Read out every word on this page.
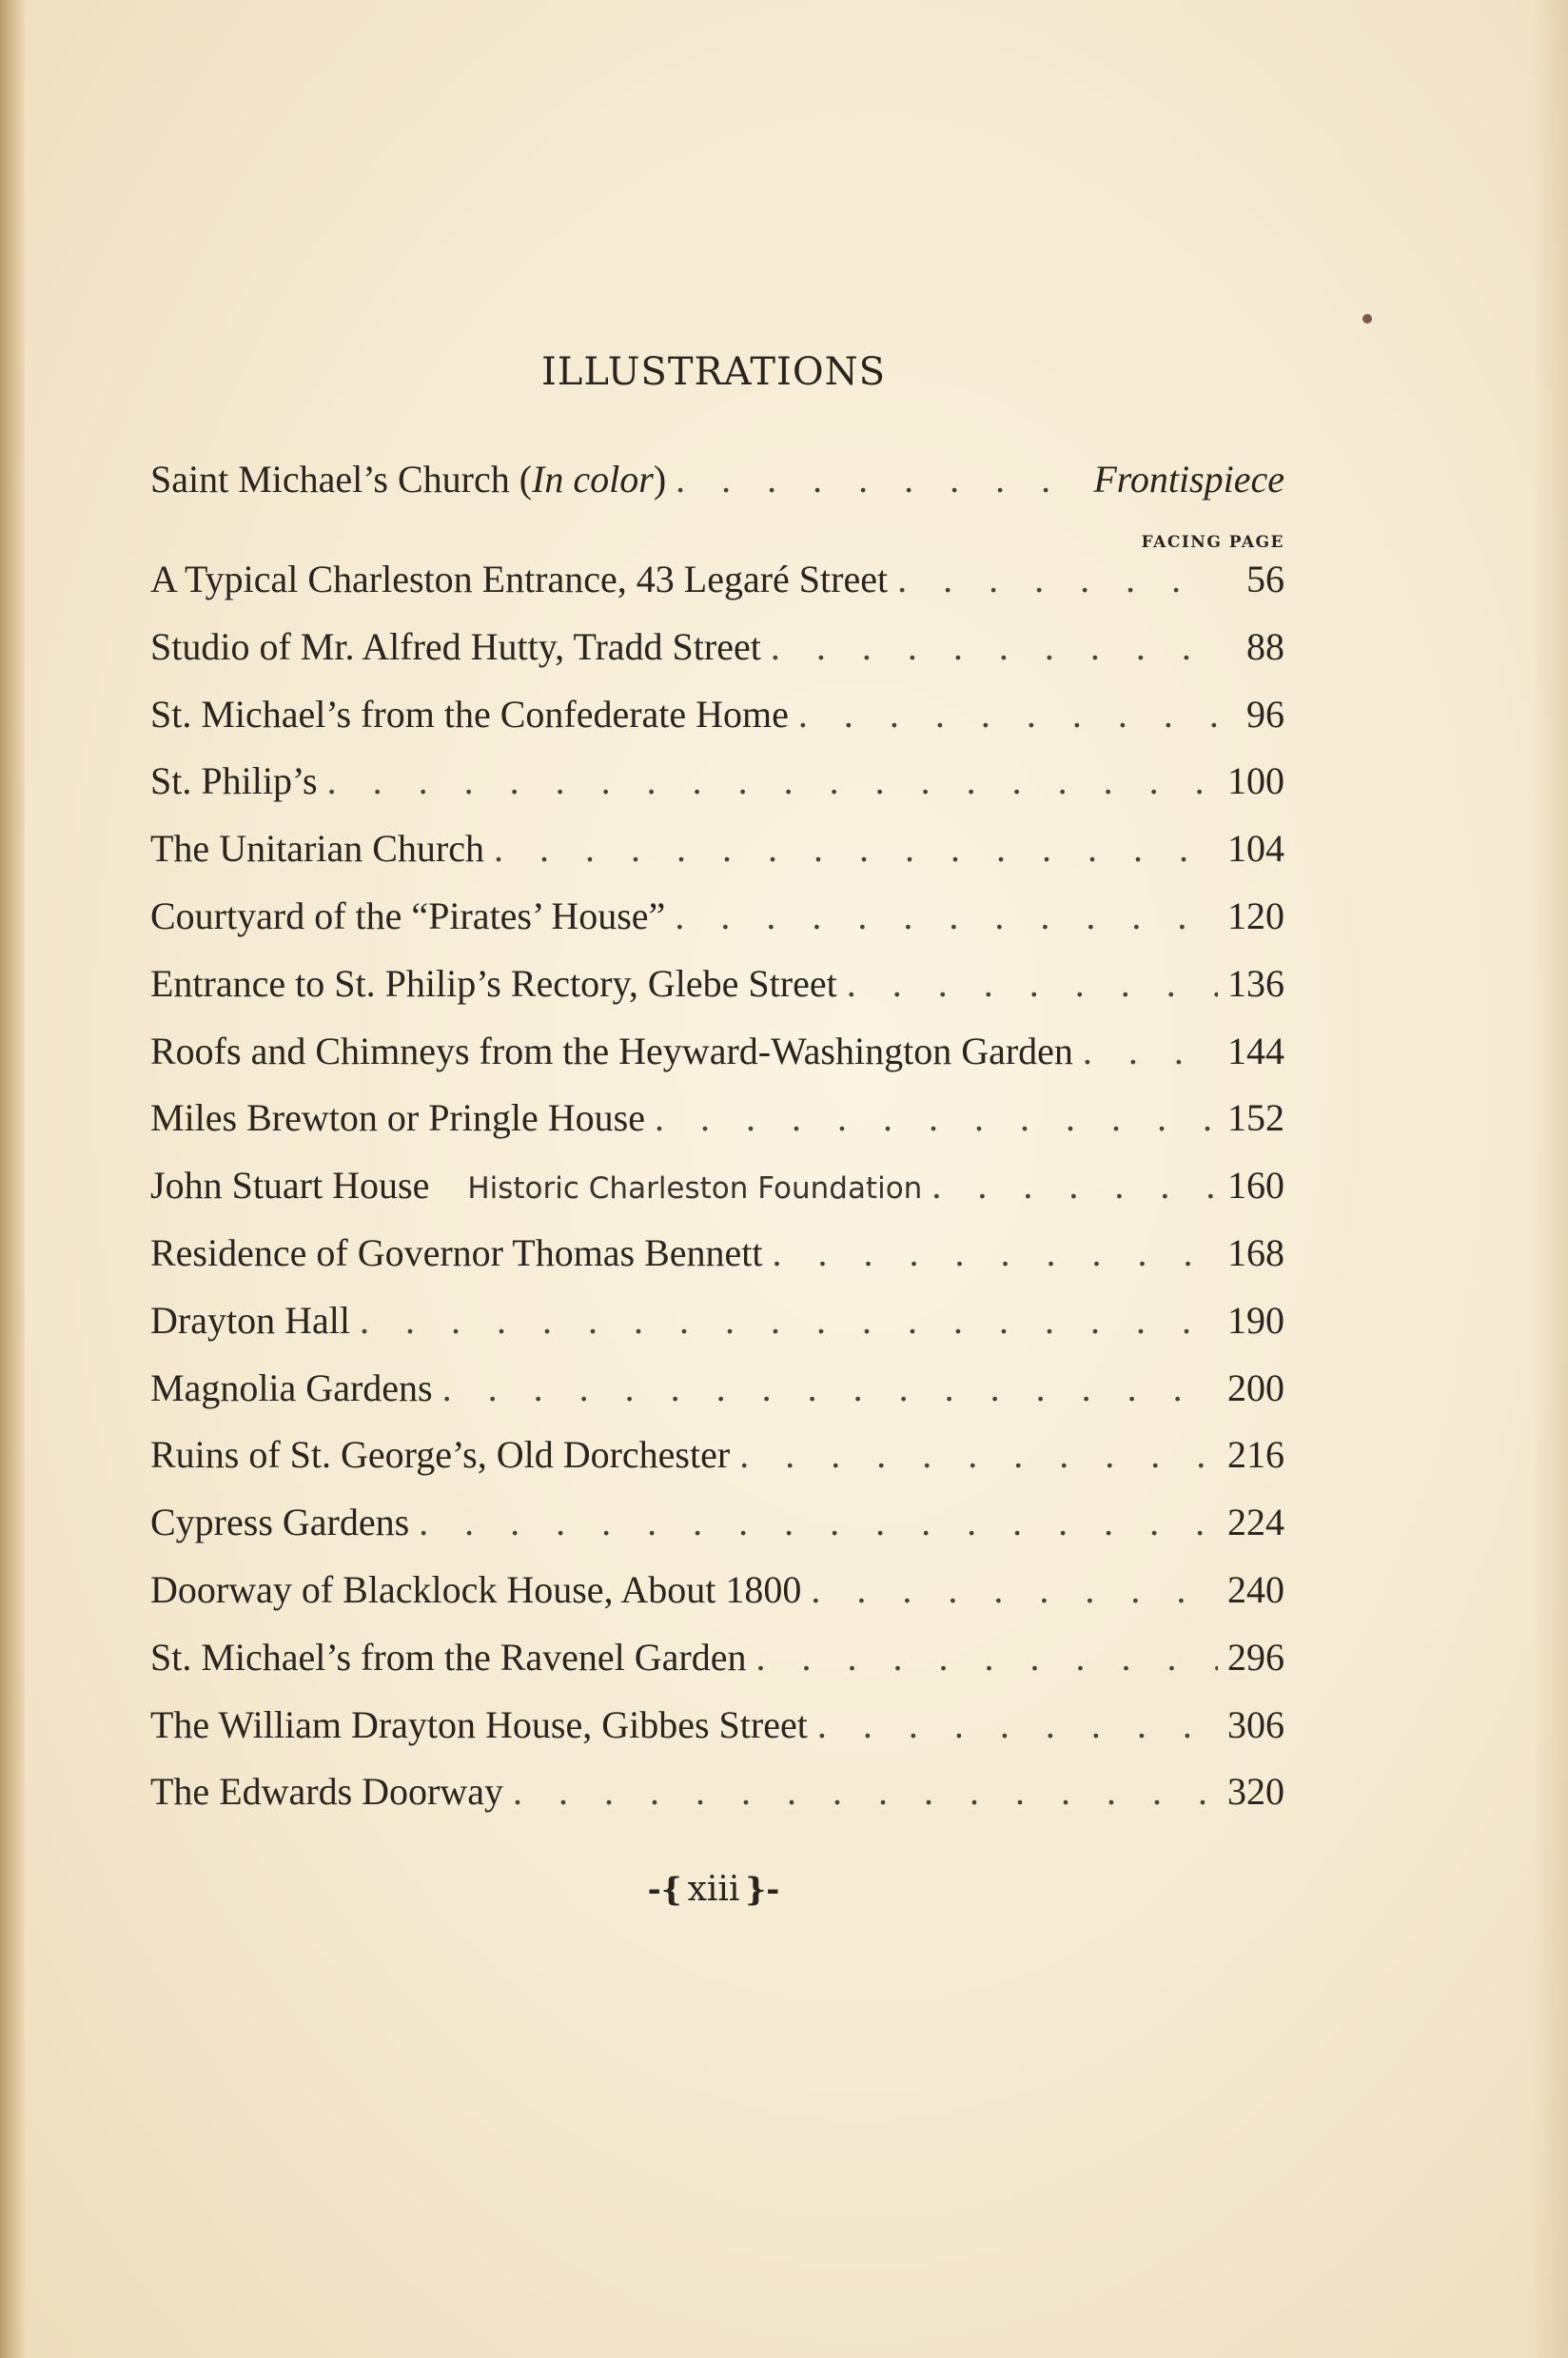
ILLUSTRATIONS
Saint Michael’s Church (In color) . . .	Frontispiece
FACING PAGE
A Typical Charleston Entrance, 43 Legaré Street . . .	56
Studio of Mr. Alfred Hutty, Tradd Street . . .	88
St. Michael’s from the Confederate Home . . .	96
St. Philip’s . . .	100
The Unitarian Church . . .	104
Courtyard of the “Pirates’ House” . . .	120
Entrance to St. Philip’s Rectory, Glebe Street . . .	136
Roofs and Chimneys from the Heyward-Washington Garden . . .	144
Miles Brewton or Pringle House . . .	152
John Stuart House Historic Charleston Foundation . . .	160
Residence of Governor Thomas Bennett . . .	168
Drayton Hall . . .	190
Magnolia Gardens . . .	200
Ruins of St. George’s, Old Dorchester . . .	216
Cypress Gardens . . .	224
Doorway of Blacklock House, About 1800 . . .	240
St. Michael’s from the Ravenel Garden . . .	296
The William Drayton House, Gibbes Street . . .	306
The Edwards Doorway . . .	320
-{ xiii }-
